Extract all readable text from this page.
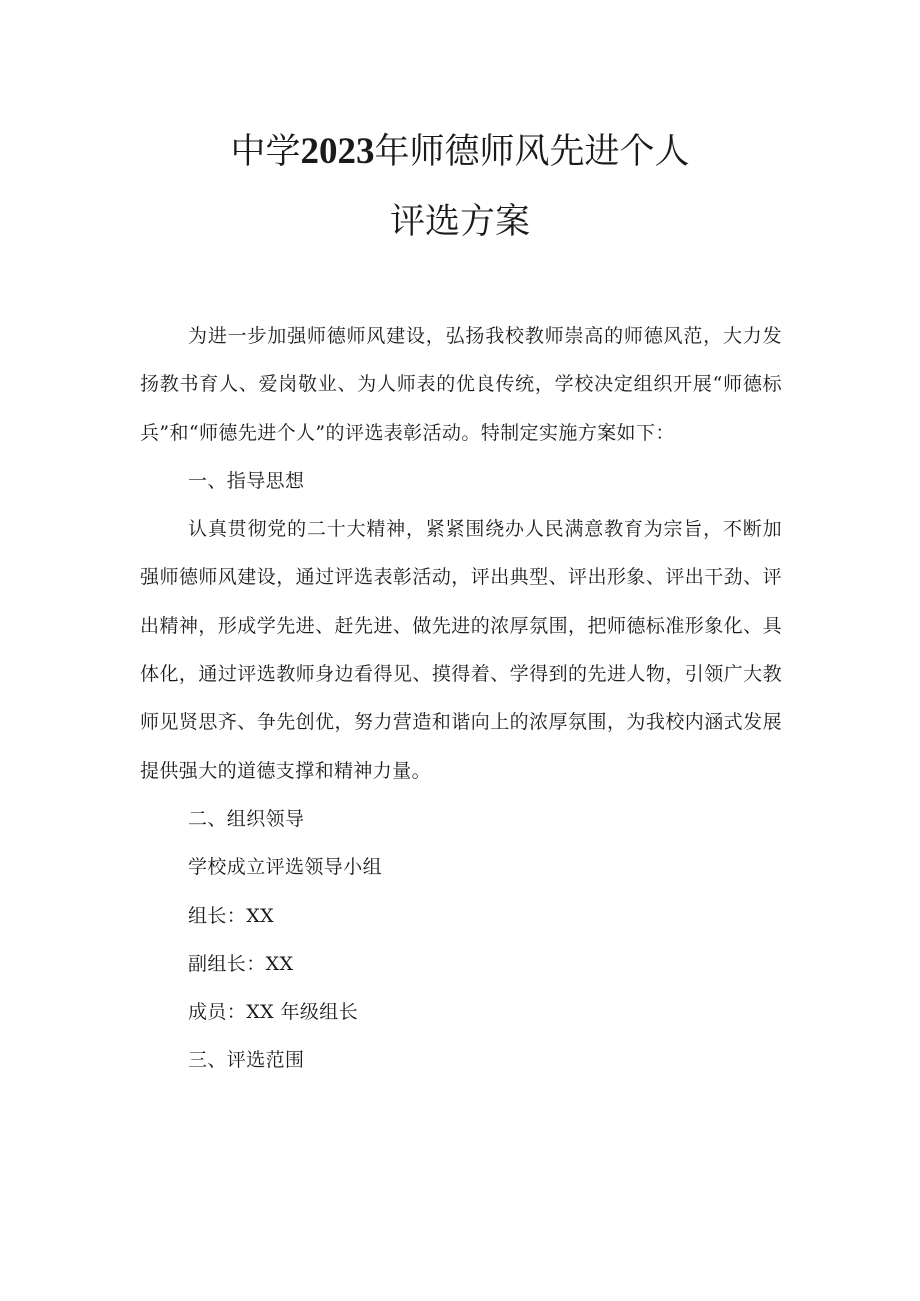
中学2023年师德师风先进个人
评选方案

为进一步加强师德师风建设，弘扬我校教师崇高的师德风范，大力发扬教书育人、爱岗敬业、为人师表的优良传统，学校决定组织开展“师德标兵”和“师德先进个人”的评选表彰活动。特制定实施方案如下：

一、指导思想

认真贯彻党的二十大精神，紧紧围绕办人民满意教育为宗旨，不断加强师德师风建设，通过评选表彰活动，评出典型、评出形象、评出干劲、评出精神，形成学先进、赶先进、做先进的浓厚氛围，把师德标准形象化、具体化，通过评选教师身边看得见、摸得着、学得到的先进人物，引领广大教师见贤思齐、争先创优，努力营造和谐向上的浓厚氛围，为我校内涵式发展提供强大的道德支撑和精神力量。

二、组织领导

学校成立评选领导小组

组长：XX

副组长：XX

成员：XX 年级组长

三、评选范围
